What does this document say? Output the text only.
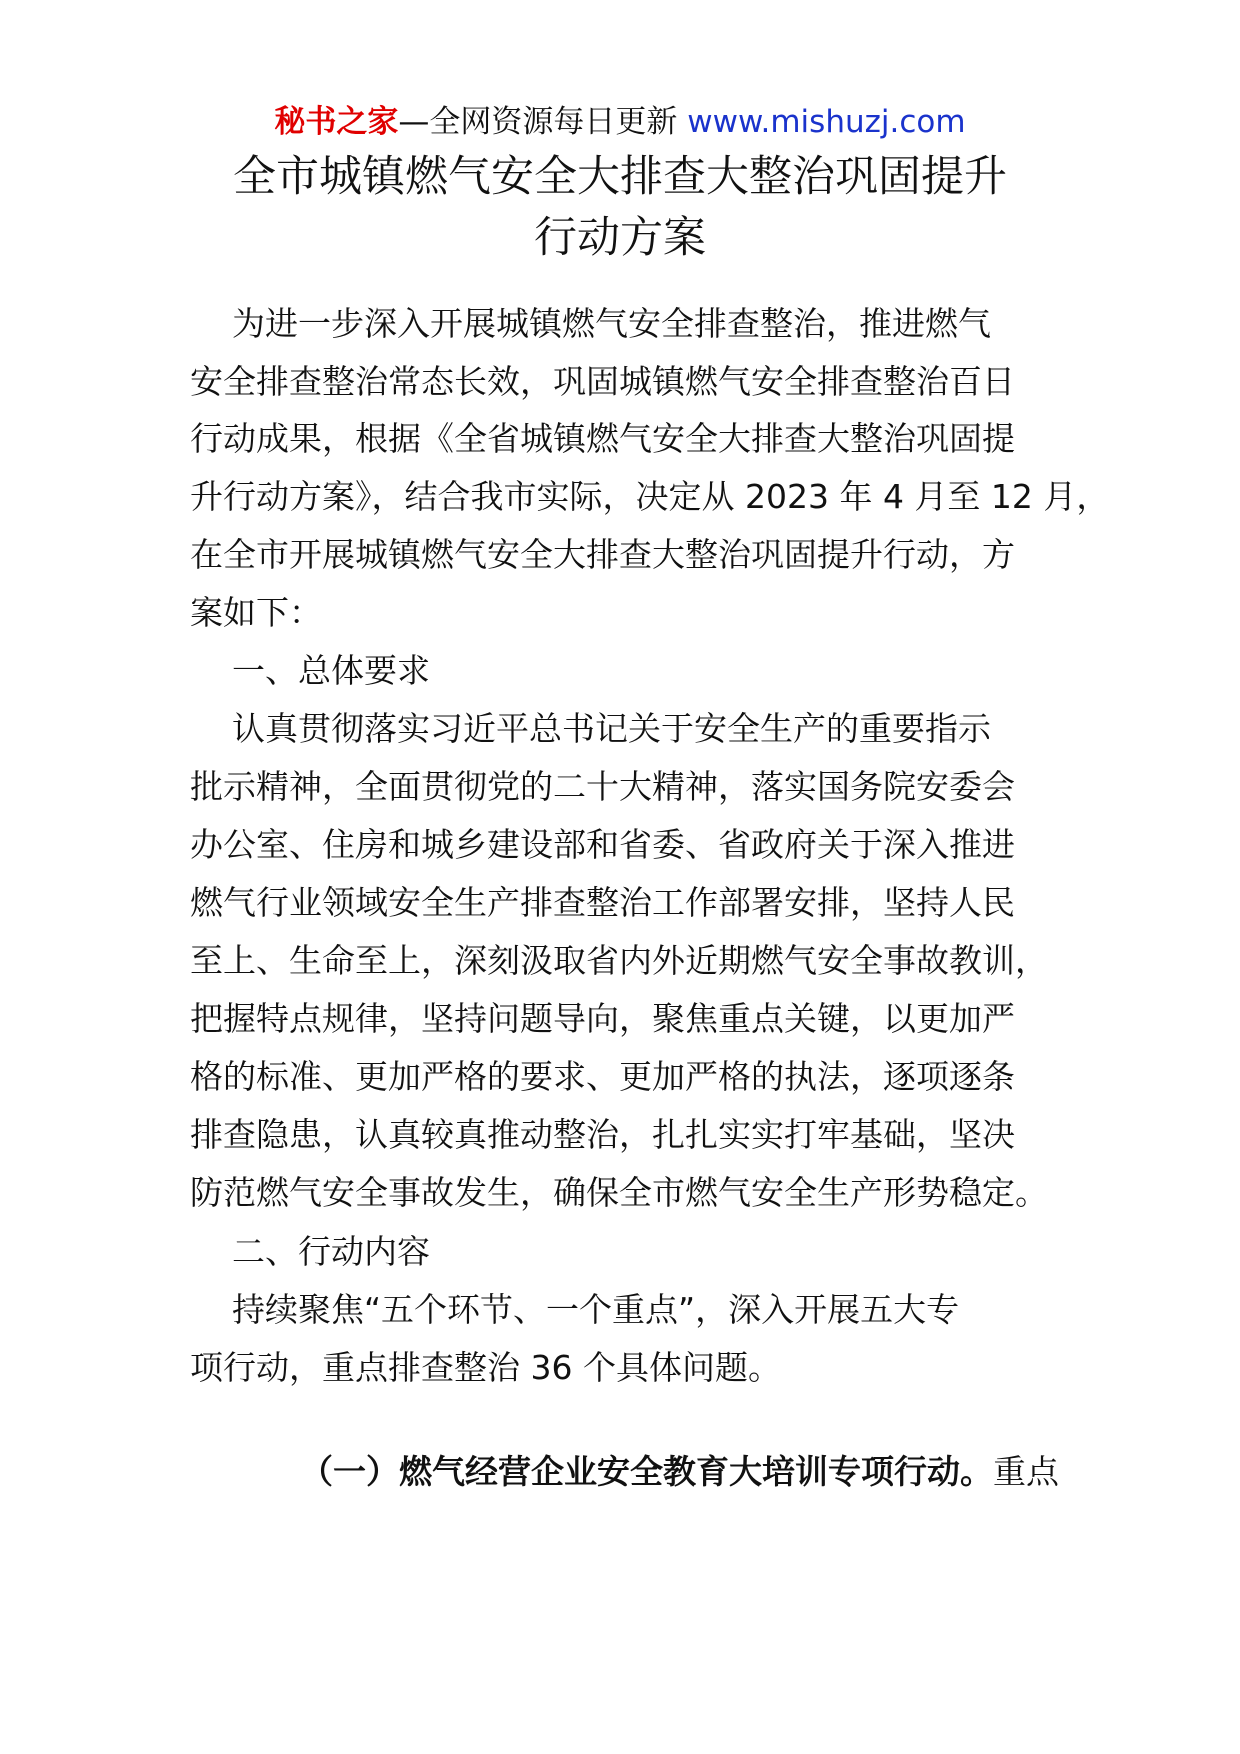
秘书之家—全网资源每日更新 www.mishuzj.com
全市城镇燃气安全大排查大整治巩固提升
行动方案
为进一步深入开展城镇燃气安全排查整治，推进燃气
安全排查整治常态长效，巩固城镇燃气安全排查整治百日
行动成果，根据《全省城镇燃气安全大排查大整治巩固提
升行动方案》，结合我市实际，决定从 2023 年 4 月至 12 月，
在全市开展城镇燃气安全大排查大整治巩固提升行动，方
案如下：
一、总体要求
认真贯彻落实习近平总书记关于安全生产的重要指示
批示精神，全面贯彻党的二十大精神，落实国务院安委会
办公室、住房和城乡建设部和省委、省政府关于深入推进
燃气行业领域安全生产排查整治工作部署安排，坚持人民
至上、生命至上，深刻汲取省内外近期燃气安全事故教训，
把握特点规律，坚持问题导向，聚焦重点关键，以更加严
格的标准、更加严格的要求、更加严格的执法，逐项逐条
排查隐患，认真较真推动整治，扎扎实实打牢基础，坚决
防范燃气安全事故发生，确保全市燃气安全生产形势稳定。
二、行动内容
持续聚焦“五个环节、一个重点”，深入开展五大专
项行动，重点排查整治 36 个具体问题。

（一）燃气经营企业安全教育大培训专项行动。重点
